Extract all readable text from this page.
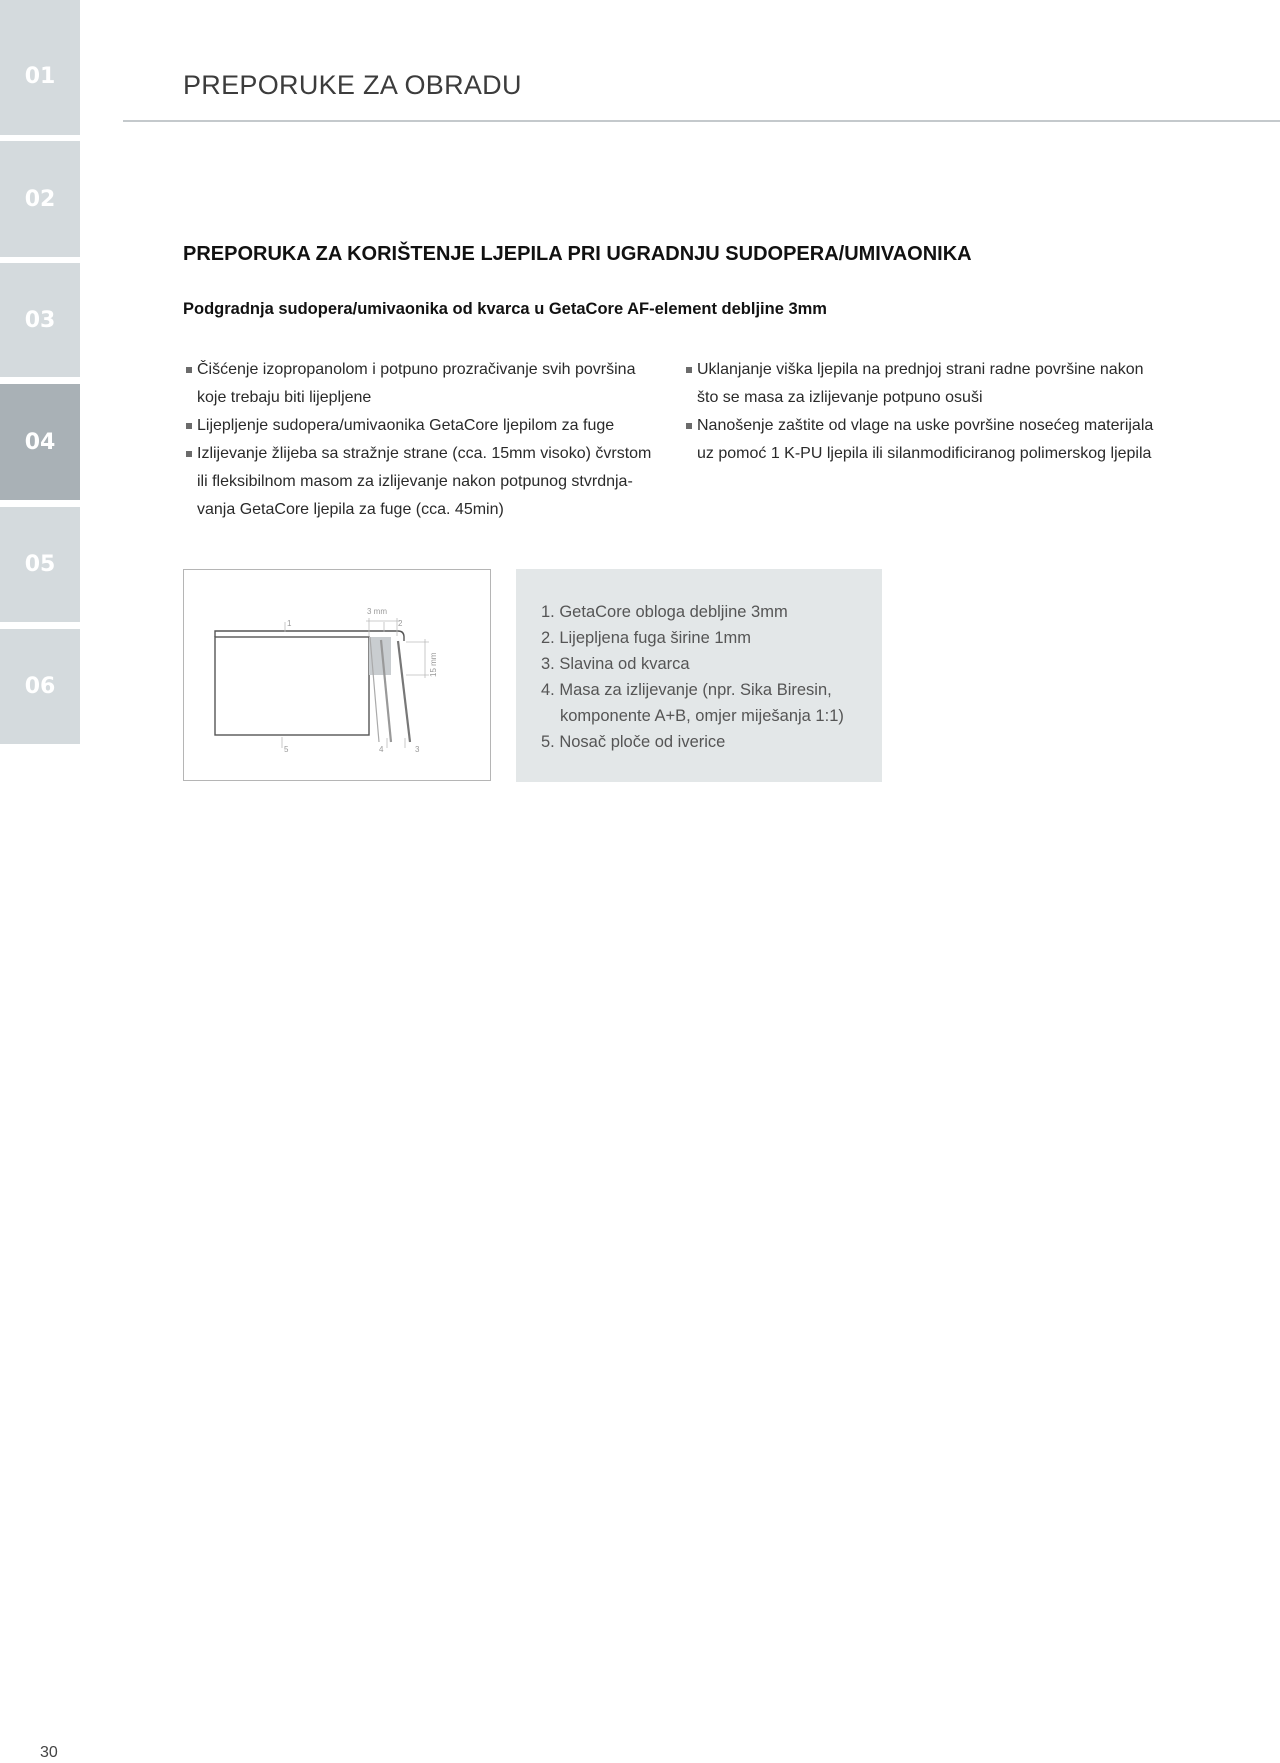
01
02
03
04
05
06
PREPORUKE ZA OBRADU
PREPORUKA ZA KORIŠTENJE LJEPILA PRI UGRADNJU SUDOPERA/UMIVAONIKA
Podgradnja sudopera/umivaonika od kvarca u GetaCore AF-element debljine 3mm
Čišćenje izopropanolom i potpuno prozračivanje svih površina koje trebaju biti lijepljene
Lijepljenje sudopera/umivaonika GetaCore ljepilom za fuge
Izlijevanje žlijeba sa stražnje strane (cca. 15mm visoko) čvrstom ili fleksibilnom masom za izlijevanje nakon potpunog stvrdnja-vanja GetaCore ljepila za fuge (cca. 45min)
Uklanjanje viška ljepila na prednjoj strani radne površine nakon što se masa za izlijevanje potpuno osuši
Nanošenje zaštite od vlage na uske površine nosećeg materijala uz pomoć 1 K-PU ljepila ili silanmodificiranog polimerskog ljepila
3 mm
15 mm
1	2
5	4	3
1. GetaCore obloga debljine 3mm
2. Lijepljena fuga širine 1mm
3. Slavina od kvarca
4. Masa za izlijevanje (npr. Sika Biresin, komponente A+B, omjer miješanja 1:1)
5. Nosač ploče od iverice
30
